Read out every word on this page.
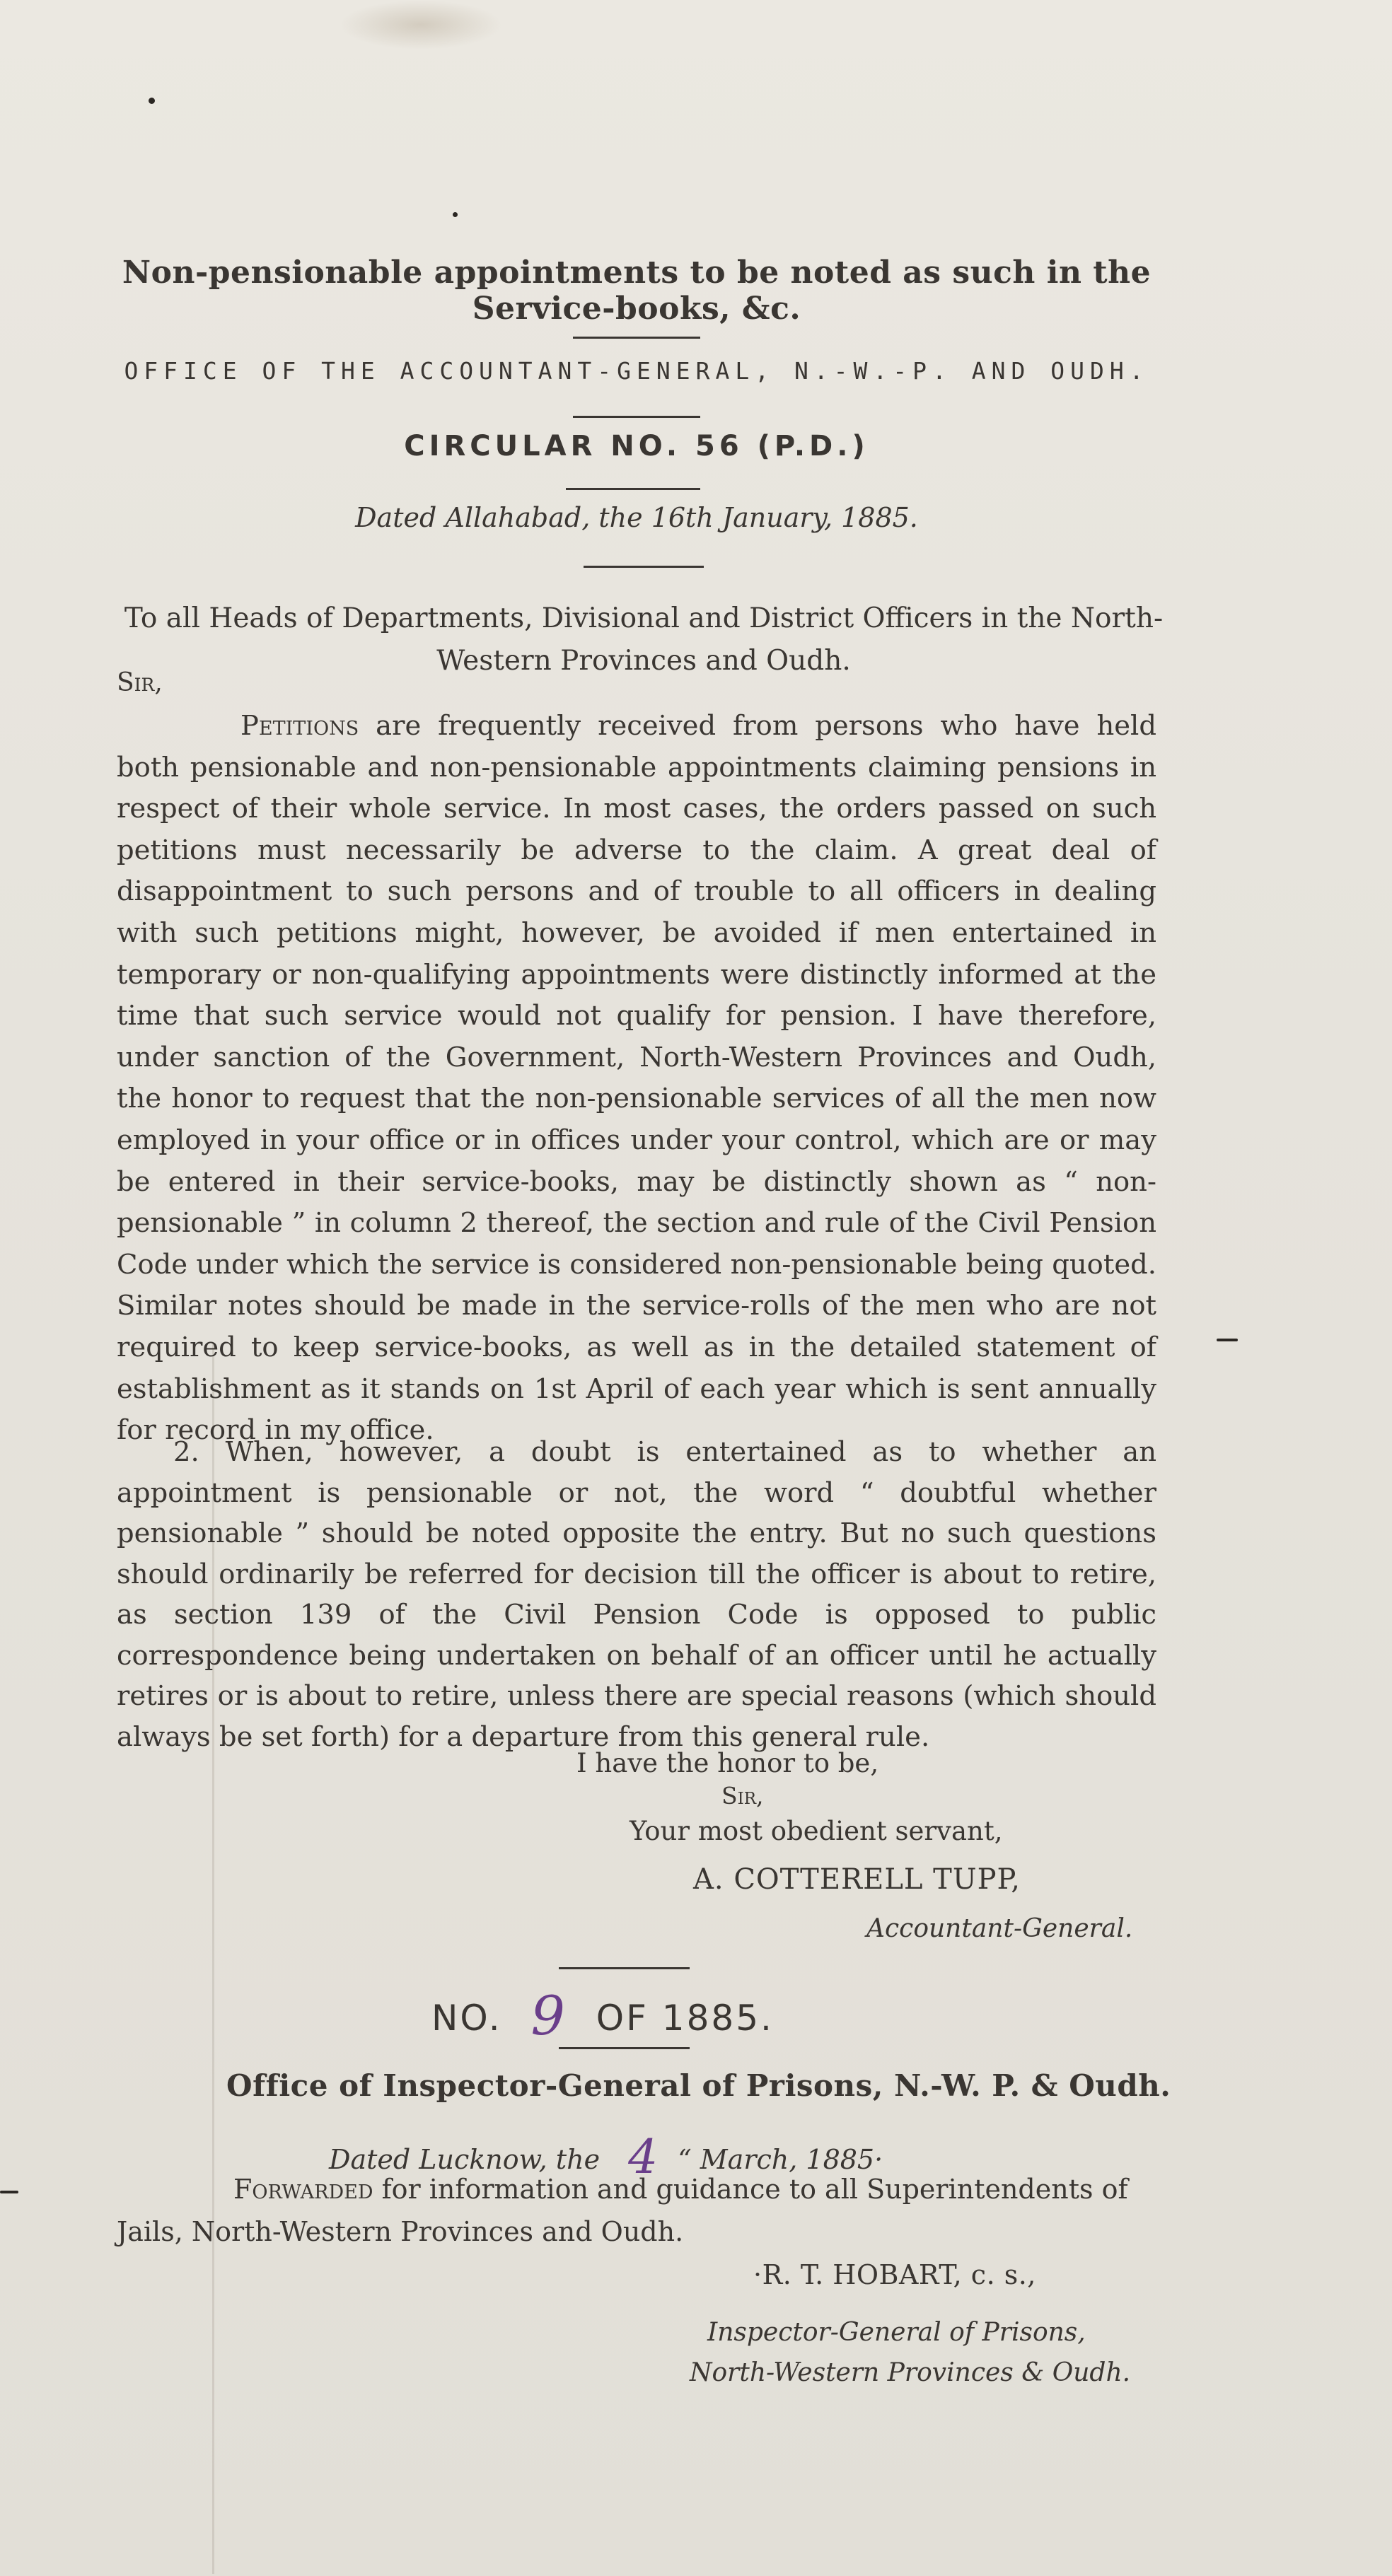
Non-pensionable appointments to be noted as such in the Service-books, &c.
OFFICE OF THE ACCOUNTANT-GENERAL, N.-W.-P. AND OUDH.
CIRCULAR NO. 56 (P.D.)
Dated Allahabad, the 16th January, 1885.
To all Heads of Departments, Divisional and District Officers in the North-Western Provinces and Oudh.
Sir,
Petitions are frequently received from persons who have held both pensionable and non-pensionable appointments claiming pensions in respect of their whole service. In most cases, the orders passed on such petitions must necessarily be adverse to the claim. A great deal of disappointment to such persons and of trouble to all officers in dealing with such petitions might, however, be avoided if men entertained in temporary or non-qualifying appointments were distinctly informed at the time that such service would not qualify for pension. I have therefore, under sanction of the Government, North-Western Provinces and Oudh, the honor to request that the non-pensionable services of all the men now employed in your office or in offices under your control, which are or may be entered in their service-books, may be distinctly shown as “ non-pensionable ” in column 2 thereof, the section and rule of the Civil Pension Code under which the service is considered non-pensionable being quoted. Similar notes should be made in the service-rolls of the men who are not required to keep service-books, as well as in the detailed statement of establishment as it stands on 1st April of each year which is sent annually for record in my office.
2. When, however, a doubt is entertained as to whether an appointment is pensionable or not, the word “ doubtful whether pensionable ” should be noted opposite the entry. But no such questions should ordinarily be referred for decision till the officer is about to retire, as section 139 of the Civil Pension Code is opposed to public correspondence being undertaken on behalf of an officer until he actually retires or is about to retire, unless there are special reasons (which should always be set forth) for a departure from this general rule.
I have the honor to be,
Sir,
Your most obedient servant,
A. COTTERELL TUPP,
Accountant-General.
NO. 9 OF 1885.
Office of Inspector-General of Prisons, N.-W. P. & Oudh.
Dated Lucknow, the 4 “ March, 1885·
Forwarded for information and guidance to all Superintendents of Jails, North-Western Provinces and Oudh.
·R. T. HOBART, c. s.,
Inspector-General of Prisons,
North-Western Provinces & Oudh.
